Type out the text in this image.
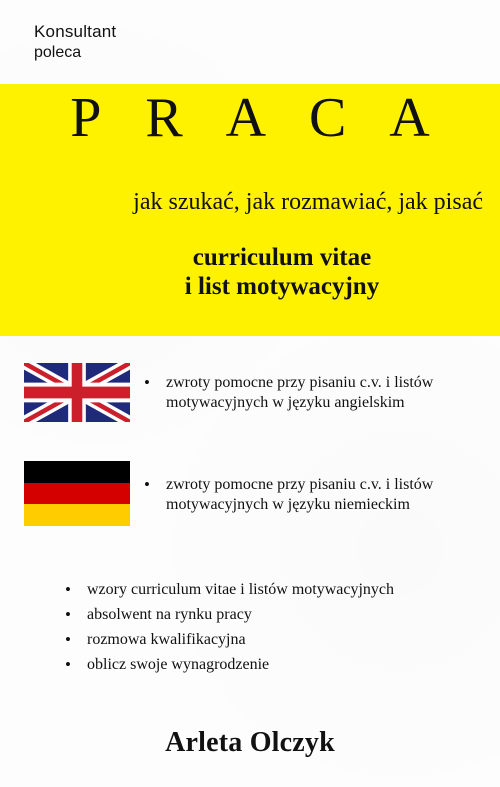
Konsultant
poleca
P R A C A
jak szukać, jak rozmawiać, jak pisać
curriculum vitae
i list motywacyjny
•	zwroty pomocne przy pisaniu c.v. i listów
motywacyjnych w języku angielskim
•	zwroty pomocne przy pisaniu c.v. i listów
motywacyjnych w języku niemieckim
•	wzory curriculum vitae i listów motywacyjnych
•	absolwent na rynku pracy
•	rozmowa kwalifikacyjna
•	oblicz swoje wynagrodzenie
Arleta Olczyk
